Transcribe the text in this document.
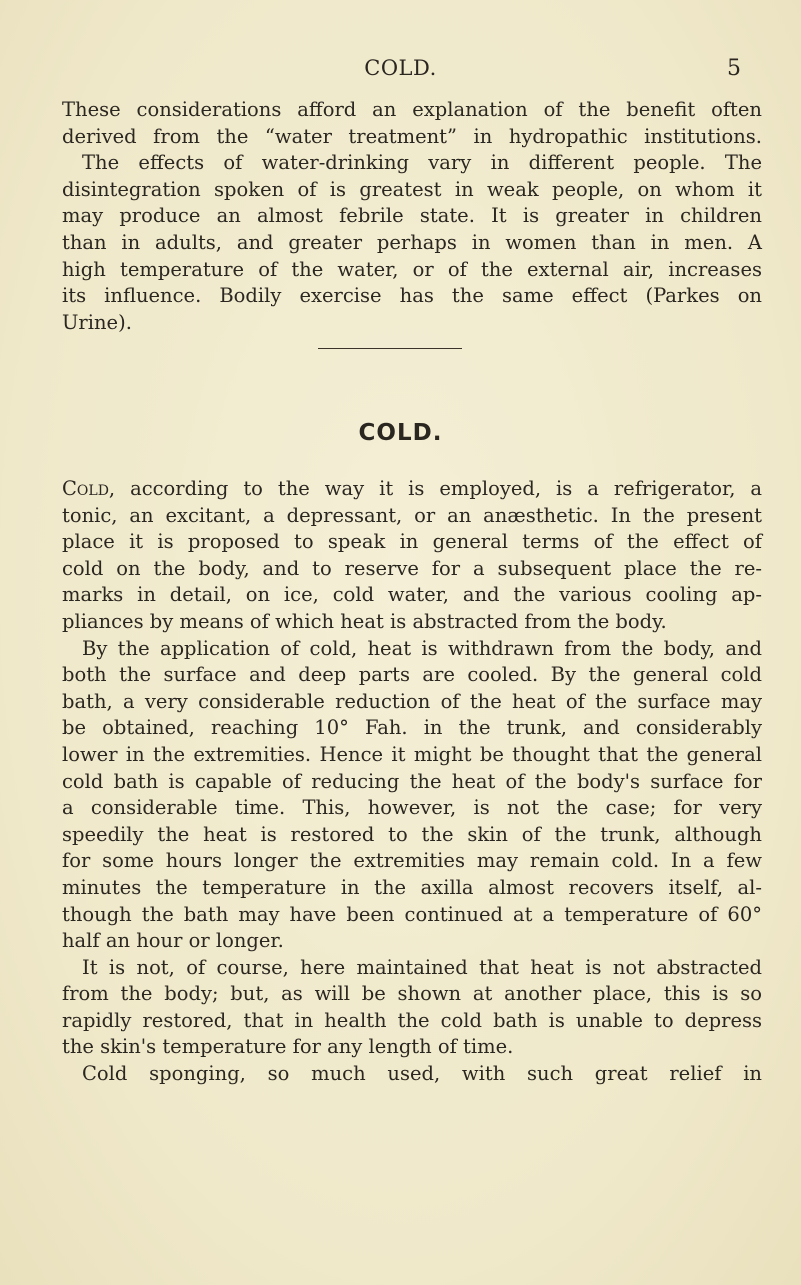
COLD.	5
These considerations afford an explanation of the benefit often
derived from the “water treatment” in hydropathic institutions.
The effects of water-drinking vary in different people. The
disintegration spoken of is greatest in weak people, on whom it
may produce an almost febrile state. It is greater in children
than in adults, and greater perhaps in women than in men. A
high temperature of the water, or of the external air, increases
its influence. Bodily exercise has the same effect (Parkes on
Urine).
COLD.
Cold, according to the way it is employed, is a refrigerator, a
tonic, an excitant, a depressant, or an anæsthetic. In the present
place it is proposed to speak in general terms of the effect of
cold on the body, and to reserve for a subsequent place the re-
marks in detail, on ice, cold water, and the various cooling ap-
pliances by means of which heat is abstracted from the body.
By the application of cold, heat is withdrawn from the body, and
both the surface and deep parts are cooled. By the general cold
bath, a very considerable reduction of the heat of the surface may
be obtained, reaching 10° Fah. in the trunk, and considerably
lower in the extremities. Hence it might be thought that the general
cold bath is capable of reducing the heat of the body's surface for
a considerable time. This, however, is not the case; for very
speedily the heat is restored to the skin of the trunk, although
for some hours longer the extremities may remain cold. In a few
minutes the temperature in the axilla almost recovers itself, al-
though the bath may have been continued at a temperature of 60°
half an hour or longer.
It is not, of course, here maintained that heat is not abstracted
from the body; but, as will be shown at another place, this is so
rapidly restored, that in health the cold bath is unable to depress
the skin's temperature for any length of time.
Cold sponging, so much used, with such great relief in
